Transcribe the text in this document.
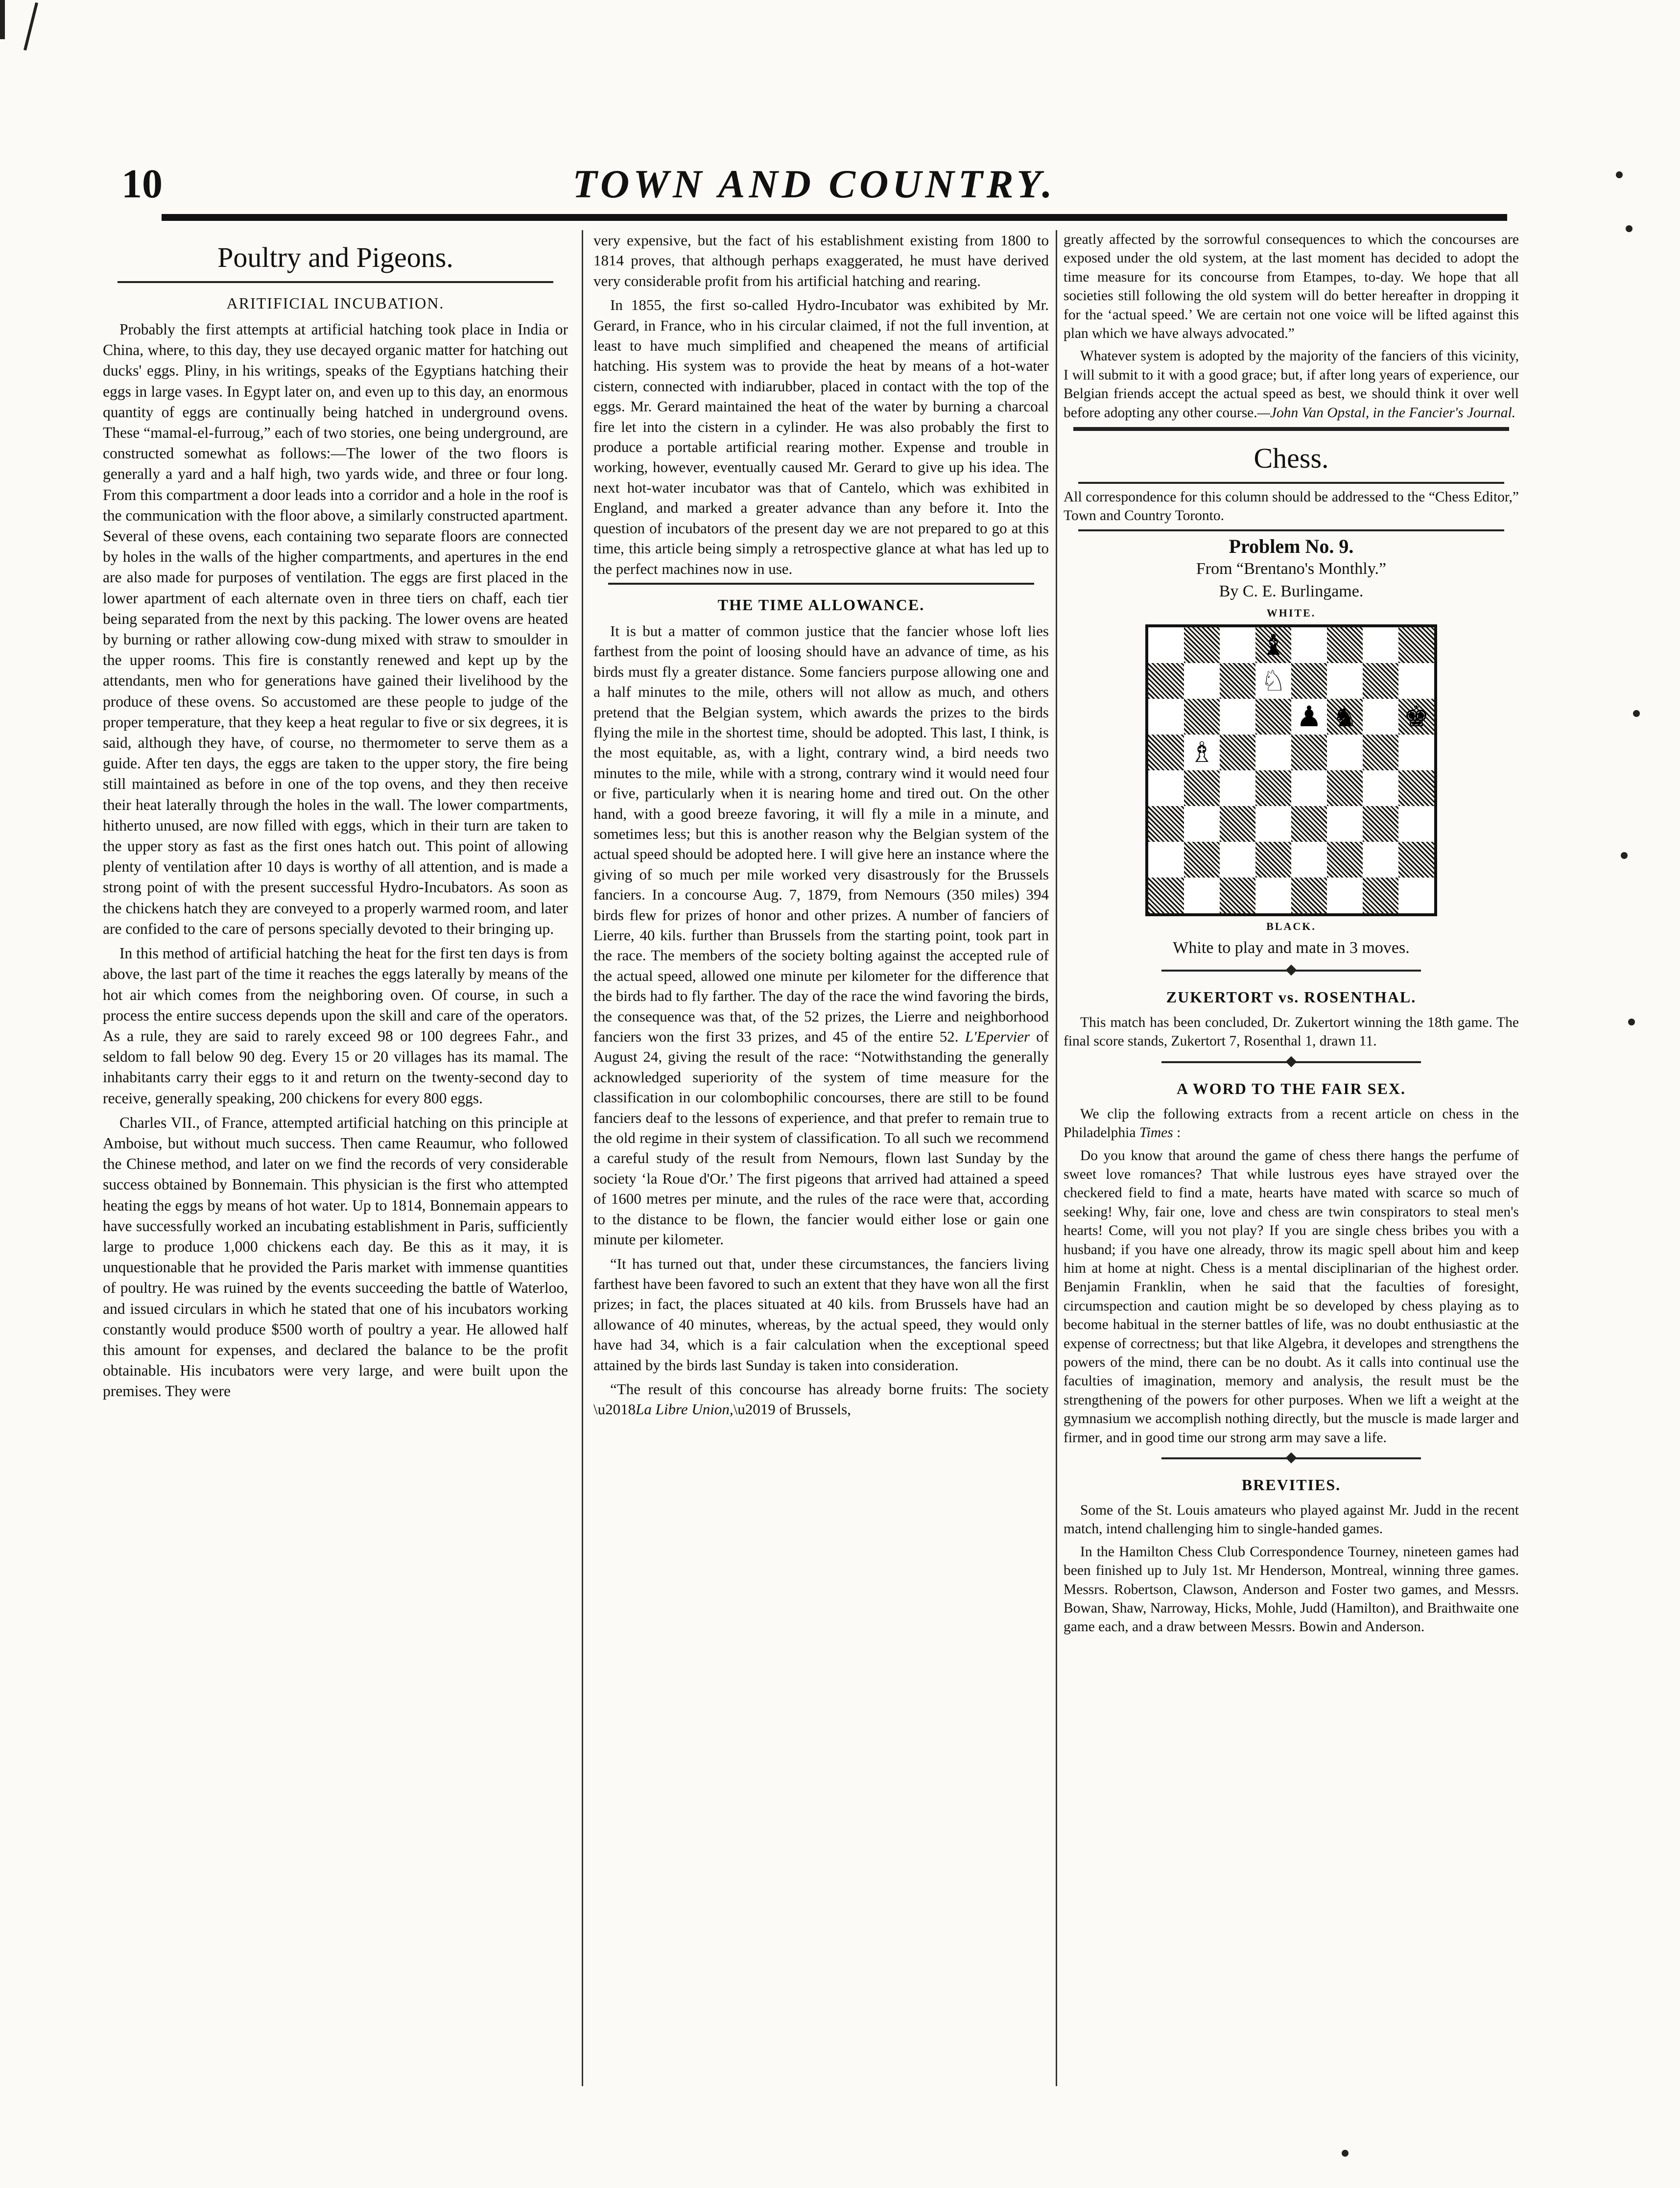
10	TOWN AND COUNTRY.
Poultry and Pigeons.
ARITIFICIAL INCUBATION.

Probably the first attempts at artificial hatching took place in India or China, where, to this day, they use decayed organic matter for hatching out ducks' eggs. Pliny, in his writings, speaks of the Egyptians hatching their eggs in large vases. In Egypt later on, and even up to this day, an enormous quantity of eggs are continually being hatched in underground ovens. These “mamal-el-furroug,” each of two stories, one being underground, are constructed somewhat as follows:—The lower of the two floors is generally a yard and a half high, two yards wide, and three or four long. From this compartment a door leads into a corridor and a hole in the roof is the communication with the floor above, a similarly constructed apartment. Several of these ovens, each containing two separate floors are connected by holes in the walls of the higher compartments, and apertures in the end are also made for purposes of ventilation. The eggs are first placed in the lower apartment of each alternate oven in three tiers on chaff, each tier being separated from the next by this packing. The lower ovens are heated by burning or rather allowing cow-dung mixed with straw to smoulder in the upper rooms. This fire is constantly renewed and kept up by the attendants, men who for generations have gained their livelihood by the produce of these ovens. So accustomed are these people to judge of the proper temperature, that they keep a heat regular to five or six degrees, it is said, although they have, of course, no thermometer to serve them as a guide. After ten days, the eggs are taken to the upper story, the fire being still maintained as before in one of the top ovens, and they then receive their heat laterally through the holes in the wall. The lower compartments, hitherto unused, are now filled with eggs, which in their turn are taken to the upper story as fast as the first ones hatch out. This point of allowing plenty of ventilation after 10 days is worthy of all attention, and is made a strong point of with the present successful Hydro-Incubators. As soon as the chickens hatch they are conveyed to a properly warmed room, and later are confided to the care of persons specially devoted to their bringing up.

In this method of artificial hatching the heat for the first ten days is from above, the last part of the time it reaches the eggs laterally by means of the hot air which comes from the neighboring oven. Of course, in such a process the entire success depends upon the skill and care of the operators. As a rule, they are said to rarely exceed 98 or 100 degrees Fahr., and seldom to fall below 90 deg. Every 15 or 20 villages has its mamal. The inhabitants carry their eggs to it and return on the twenty-second day to receive, generally speaking, 200 chickens for every 800 eggs.

Charles VII., of France, attempted artificial hatching on this principle at Amboise, but without much success. Then came Reaumur, who followed the Chinese method, and later on we find the records of very considerable success obtained by Bonnemain. This physician is the first who attempted heating the eggs by means of hot water. Up to 1814, Bonnemain appears to have successfully worked an incubating establishment in Paris, sufficiently large to produce 1,000 chickens each day. Be this as it may, it is unquestionable that he provided the Paris market with immense quantities of poultry. He was ruined by the events succeeding the battle of Waterloo, and issued circulars in which he stated that one of his incubators working constantly would produce $500 worth of poultry a year. He allowed half this amount for expenses, and declared the balance to be the profit obtainable. His incubators were very large, and were built upon the premises. They were

very expensive, but the fact of his establishment existing from 1800 to 1814 proves, that although perhaps exaggerated, he must have derived very considerable profit from his artificial hatching and rearing.

In 1855, the first so-called Hydro-Incubator was exhibited by Mr. Gerard, in France, who in his circular claimed, if not the full invention, at least to have much simplified and cheapened the means of artificial hatching. His system was to provide the heat by means of a hot-water cistern, connected with indiarubber, placed in contact with the top of the eggs. Mr. Gerard maintained the heat of the water by burning a charcoal fire let into the cistern in a cylinder. He was also probably the first to produce a portable artificial rearing mother. Expense and trouble in working, however, eventually caused Mr. Gerard to give up his idea. The next hot-water incubator was that of Cantelo, which was exhibited in England, and marked a greater advance than any before it. Into the question of incubators of the present day we are not prepared to go at this time, this article being simply a retrospective glance at what has led up to the perfect machines now in use.

THE TIME ALLOWANCE.

It is but a matter of common justice that the fancier whose loft lies farthest from the point of loosing should have an advance of time, as his birds must fly a greater distance. Some fanciers purpose allowing one and a half minutes to the mile, others will not allow as much, and others pretend that the Belgian system, which awards the prizes to the birds flying the mile in the shortest time, should be adopted. This last, I think, is the most equitable, as, with a light, contrary wind, a bird needs two minutes to the mile, while with a strong, contrary wind it would need four or five, particularly when it is nearing home and tired out. On the other hand, with a good breeze favoring, it will fly a mile in a minute, and sometimes less; but this is another reason why the Belgian system of the actual speed should be adopted here. I will give here an instance where the giving of so much per mile worked very disastrously for the Brussels fanciers. In a concourse Aug. 7, 1879, from Nemours (350 miles) 394 birds flew for prizes of honor and other prizes. A number of fanciers of Lierre, 40 kils. further than Brussels from the starting point, took part in the race. The members of the society bolting against the accepted rule of the actual speed, allowed one minute per kilometer for the difference that the birds had to fly farther. The day of the race the wind favoring the birds, the consequence was that, of the 52 prizes, the Lierre and neighborhood fanciers won the first 33 prizes, and 45 of the entire 52. L'Epervier of August 24, giving the result of the race: “Notwithstanding the generally acknowledged superiority of the system of time measure for the classification in our colombophilic concourses, there are still to be found fanciers deaf to the lessons of experience, and that prefer to remain true to the old regime in their system of classification. To all such we recommend a careful study of the result from Nemours, flown last Sunday by the society ‘la Roue d'Or.’ The first pigeons that arrived had attained a speed of 1600 metres per minute, and the rules of the race were that, according to the distance to be flown, the fancier would either lose or gain one minute per kilometer.

“It has turned out that, under these circumstances, the fanciers living farthest have been favored to such an extent that they have won all the first prizes; in fact, the places situated at 40 kils. from Brussels have had an allowance of 40 minutes, whereas, by the actual speed, they would only have had 34, which is a fair calculation when the exceptional speed attained by the birds last Sunday is taken into consideration.

“The result of this concourse has already borne fruits: The society \u2018La Libre Union,\u2019 of Brussels,

greatly affected by the sorrowful consequences to which the concourses are exposed under the old system, at the last moment has decided to adopt the time measure for its concourse from Etampes, to-day. We hope that all societies still following the old system will do better hereafter in dropping it for the ‘actual speed.’ We are certain not one voice will be lifted against this plan which we have always advocated.”

Whatever system is adopted by the majority of the fanciers of this vicinity, I will submit to it with a good grace; but, if after long years of experience, our Belgian friends accept the actual speed as best, we should think it over well before adopting any other course.—John Van Opstal, in the Fancier's Journal.

Chess.

All correspondence for this column should be addressed to the “Chess Editor,” Town and Country Toronto.

Problem No. 9.
From “Brentano's Monthly.”
By C. E. Burlingame.
WHITE.
♝
♘
♟ ♞ ♚
♗
BLACK.
White to play and mate in 3 moves.
ZUKERTORT vs. ROSENTHAL.

This match has been concluded, Dr. Zukertort winning the 18th game. The final score stands, Zukertort 7, Rosenthal 1, drawn 11.

A WORD TO THE FAIR SEX.

We clip the following extracts from a recent article on chess in the Philadelphia Times :

Do you know that around the game of chess there hangs the perfume of sweet love romances? That while lustrous eyes have strayed over the checkered field to find a mate, hearts have mated with scarce so much of seeking! Why, fair one, love and chess are twin conspirators to steal men's hearts! Come, will you not play? If you are single chess bribes you with a husband; if you have one already, throw its magic spell about him and keep him at home at night. Chess is a mental disciplinarian of the highest order. Benjamin Franklin, when he said that the faculties of foresight, circumspection and caution might be so developed by chess playing as to become habitual in the sterner battles of life, was no doubt enthusiastic at the expense of correctness; but that like Algebra, it developes and strengthens the powers of the mind, there can be no doubt. As it calls into continual use the faculties of imagination, memory and analysis, the result must be the strengthening of the powers for other purposes. When we lift a weight at the gymnasium we accomplish nothing directly, but the muscle is made larger and firmer, and in good time our strong arm may save a life.

BREVITIES.

Some of the St. Louis amateurs who played against Mr. Judd in the recent match, intend challenging him to single-handed games.

In the Hamilton Chess Club Correspondence Tourney, nineteen games had been finished up to July 1st. Mr Henderson, Montreal, winning three games. Messrs. Robertson, Clawson, Anderson and Foster two games, and Messrs. Bowan, Shaw, Narroway, Hicks, Mohle, Judd (Hamilton), and Braithwaite one game each, and a draw between Messrs. Bowin and Anderson.
